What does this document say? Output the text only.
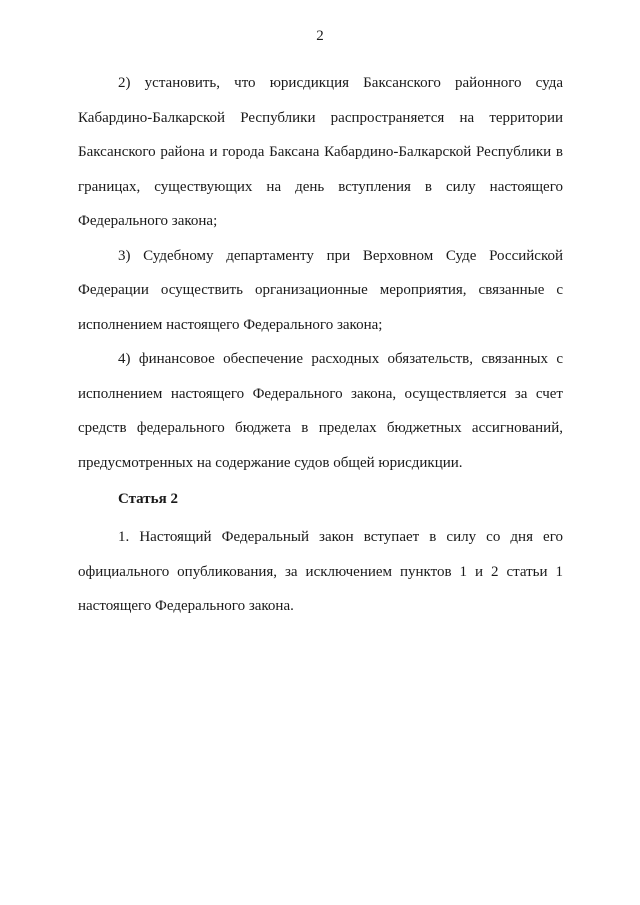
2

2) установить, что юрисдикция Баксанского районного суда Кабардино-Балкарской Республики распространяется на территории Баксанского района и города Баксана Кабардино-Балкарской Республики в границах, существующих на день вступления в силу настоящего Федерального закона;

3) Судебному департаменту при Верховном Суде Российской Федерации осуществить организационные мероприятия, связанные с исполнением настоящего Федерального закона;

4) финансовое обеспечение расходных обязательств, связанных с исполнением настоящего Федерального закона, осуществляется за счет средств федерального бюджета в пределах бюджетных ассигнований, предусмотренных на содержание судов общей юрисдикции.

Статья 2

1. Настоящий Федеральный закон вступает в силу со дня его официального опубликования, за исключением пунктов 1 и 2 статьи 1 настоящего Федерального закона.
